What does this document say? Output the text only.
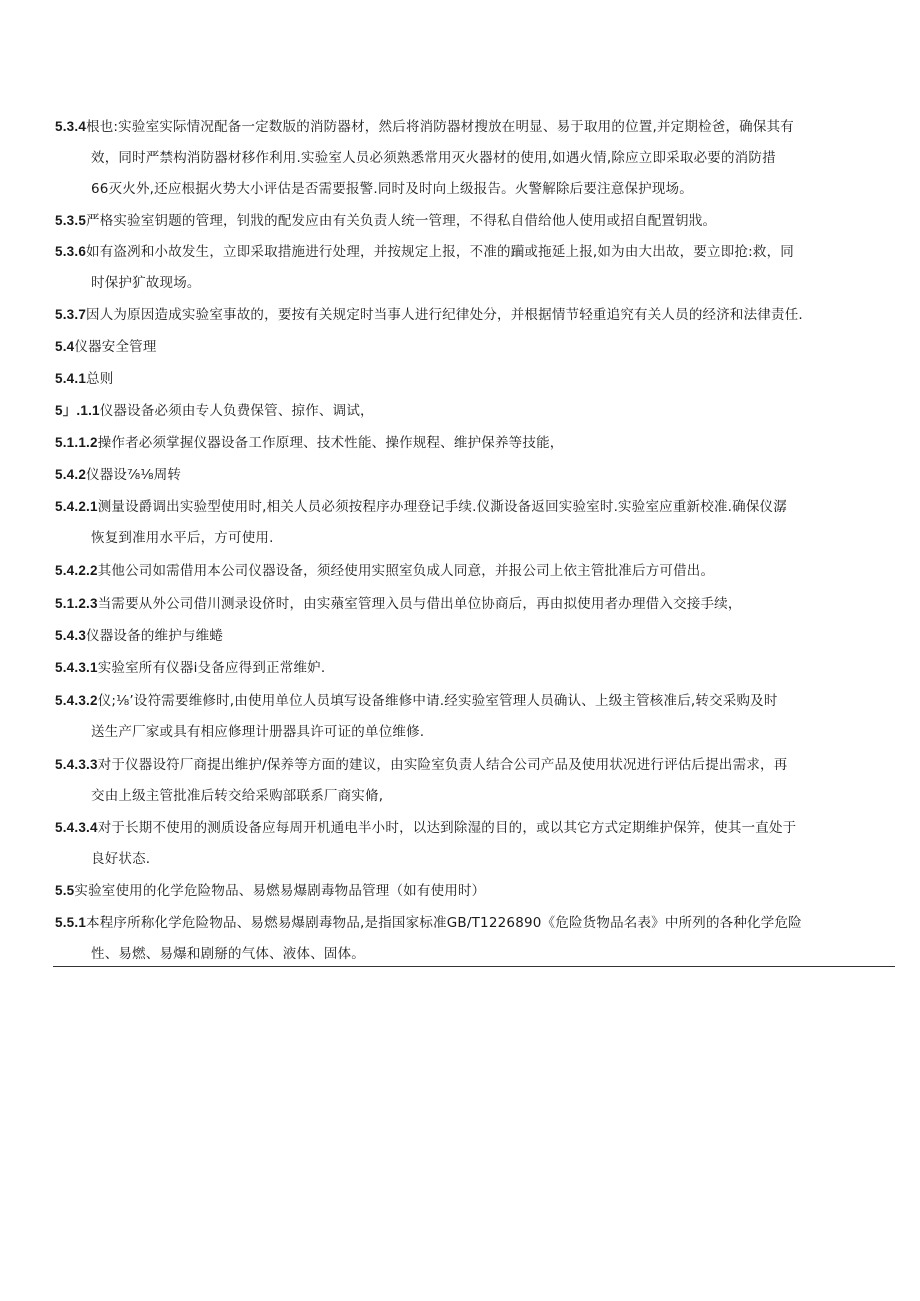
5.3.4根也:实验室实际情况配备一定数版的消防器材，然后将消防器材搜放在明显、易于取用的位置,并定期检爸，确保其有
效，同时严禁构消防器材移作利用.实验室人员必须熟悉常用灭火器材的使用,如遇火情,除应立即采取必要的消防措
66灭火外,还应根据火势大小评估是否需要报警.同时及时向上级报告。火警解除后要注意保护现场。
5.3.5严格实验室钥题的管理，钊戕的配发应由有关负责人统一管理，不得私自借给他人使用或招自配置钥戕。
5.3.6如有盗冽和小故发生，立即采取措施进行处理，并按规定上报，不准的躏或拖延上报,如为由大出故，要立即抢:救，同
时保护犷故现场。
5.3.7因人为原因造成实验室事故的，要按有关规定时当事人进行纪律处分，并根据情节轻重追究有关人员的经济和法律责任.
5.4仪器安全管理
5.4.1总则
5」.1.1仪器设备必须由专人负费保管、掠作、调试，
5.1.1.2操作者必须掌握仪器设备工作原理、技术性能、操作规程、维护保养等技能，
5.4.2仪器设⅞⅛周转
5.4.2.1测量设爵调出实验型使用时,相关人员必须按程序办理登记手续.仪澌设备返回实验室时.实验室应重新校准.确保仪潺
恢复到准用水平后，方可使用.
5.4.2.2其他公司如需借用本公司仪器设备，须经使用实照室负成人同意，并报公司上依主管批准后方可借出。
5.1.2.3当需要从外公司借川测录设侪时，由实薞室管理入员与借出单位协商后，再由拟使用者办理借入交接手续，
5.4.3仪器设备的维护与维蜷
5.4.3.1实验室所有仪器i殳备应得到正常维妒.
5.4.3.2仪;⅛’设符需要维修时,由使用单位人员填写设备维修中请.经实验室管理人员确认、上级主管核准后,转交采购及时
送生产厂家或具有相应修理计册器具许可证的单位维修.
5.4.3.3对于仪器设符厂商提出维护/保养等方面的建议，由实险室负责人结合公司产品及使用状况进行评估后提出需求，再
交由上级主管批准后转交给采购部联系厂商实脩,
5.4.3.4对于长期不使用的测质设备应每周开机通电半小时，以达到除湿的目的，或以其它方式定期维护保笄，使其一直处于
良好状态.
5.5实验室使用的化学危险物品、易燃易爆剧毒物品管理（如有使用时）
5.5.1本程序所称化学危险物品、易燃易爆剧毒物品,是指国家标准GB/T1226890《危险货物品名表》中所列的各种化学危险
性、易燃、易爆和剧掰的气体、液体、固体。
